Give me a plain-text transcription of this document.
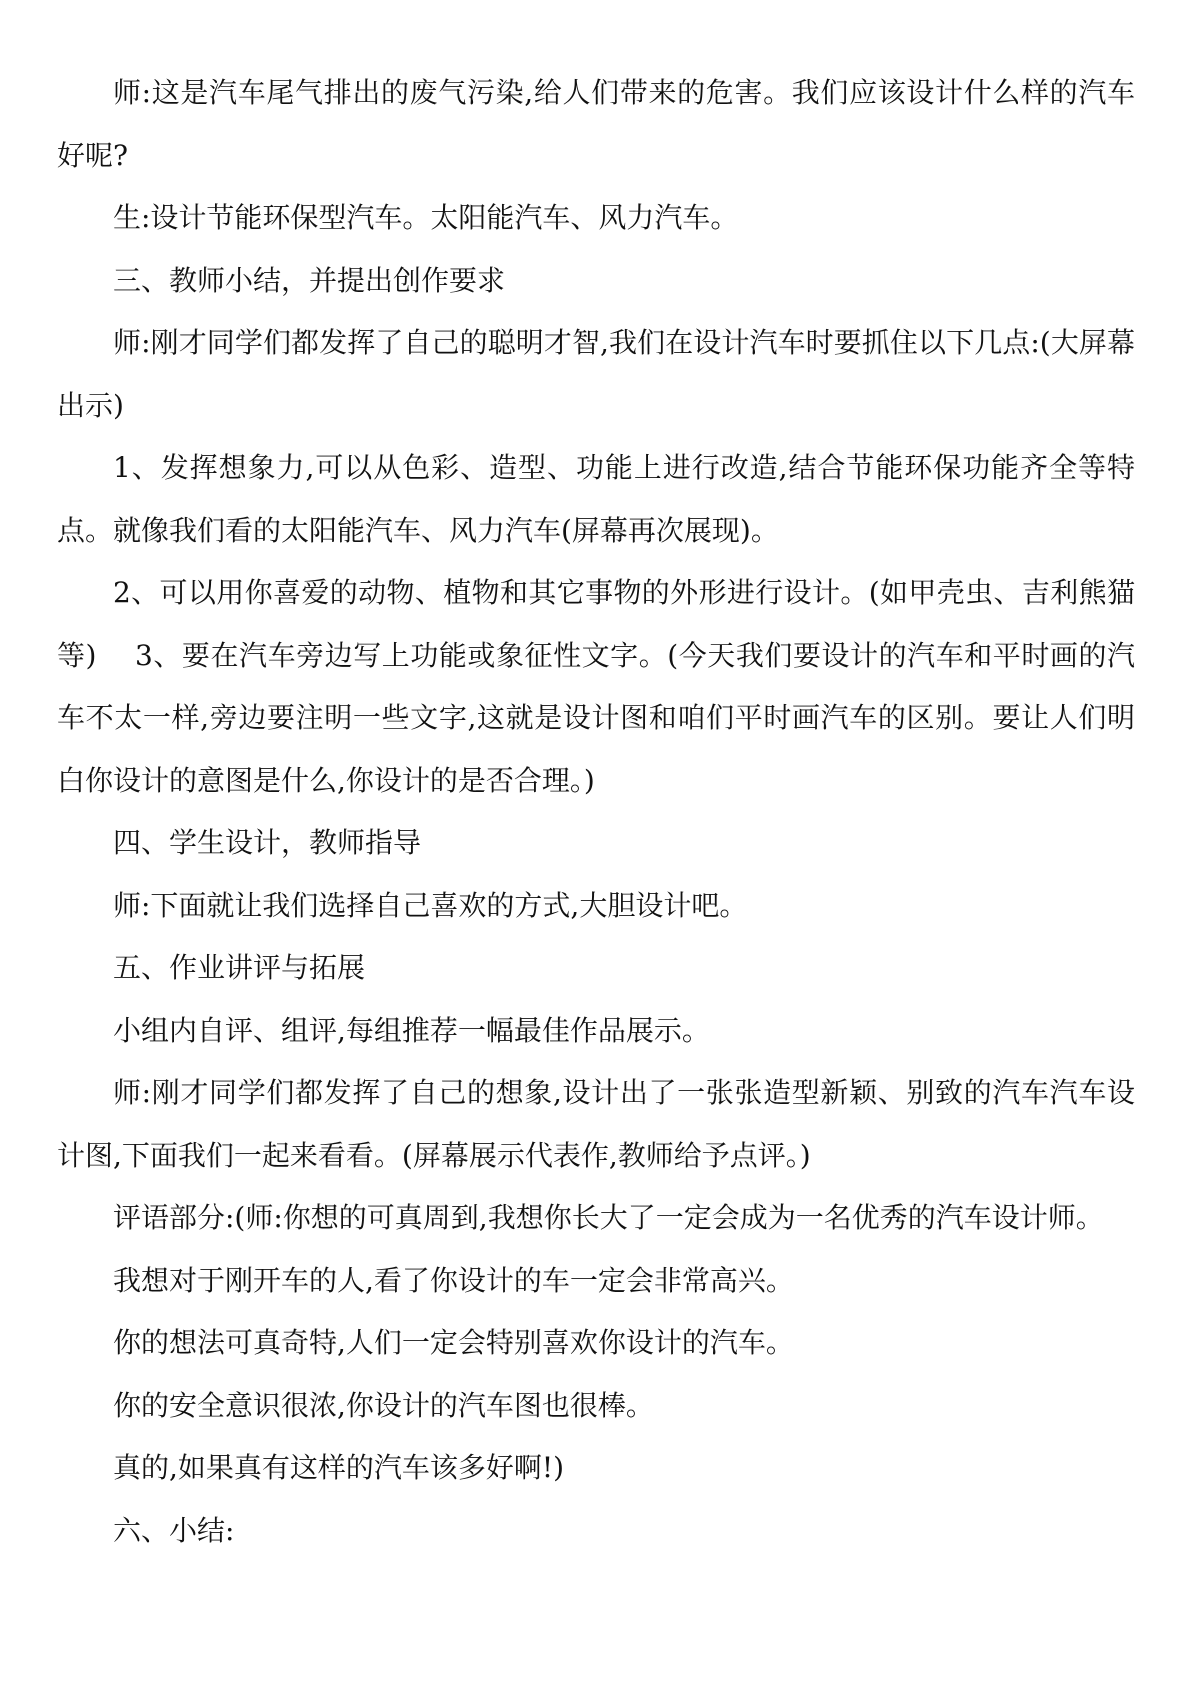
师:这是汽车尾气排出的废气污染,给人们带来的危害。我们应该设计什么样的汽车好呢?

生:设计节能环保型汽车。太阳能汽车、风力汽车。

三、教师小结，并提出创作要求

师:刚才同学们都发挥了自己的聪明才智,我们在设计汽车时要抓住以下几点:(大屏幕出示)

1、发挥想象力,可以从色彩、造型、功能上进行改造,结合节能环保功能齐全等特点。就像我们看的太阳能汽车、风力汽车(屏幕再次展现)。

2、可以用你喜爱的动物、植物和其它事物的外形进行设计。(如甲壳虫、吉利熊猫等)　 3、要在汽车旁边写上功能或象征性文字。(今天我们要设计的汽车和平时画的汽车不太一样,旁边要注明一些文字,这就是设计图和咱们平时画汽车的区别。要让人们明白你设计的意图是什么,你设计的是否合理。)

四、学生设计，教师指导

师:下面就让我们选择自己喜欢的方式,大胆设计吧。

五、作业讲评与拓展

小组内自评、组评,每组推荐一幅最佳作品展示。

师:刚才同学们都发挥了自己的想象,设计出了一张张造型新颖、别致的汽车汽车设计图,下面我们一起来看看。(屏幕展示代表作,教师给予点评。)

评语部分:(师:你想的可真周到,我想你长大了一定会成为一名优秀的汽车设计师。

我想对于刚开车的人,看了你设计的车一定会非常高兴。

你的想法可真奇特,人们一定会特别喜欢你设计的汽车。

你的安全意识很浓,你设计的汽车图也很棒。

真的,如果真有这样的汽车该多好啊!)

六、小结:
